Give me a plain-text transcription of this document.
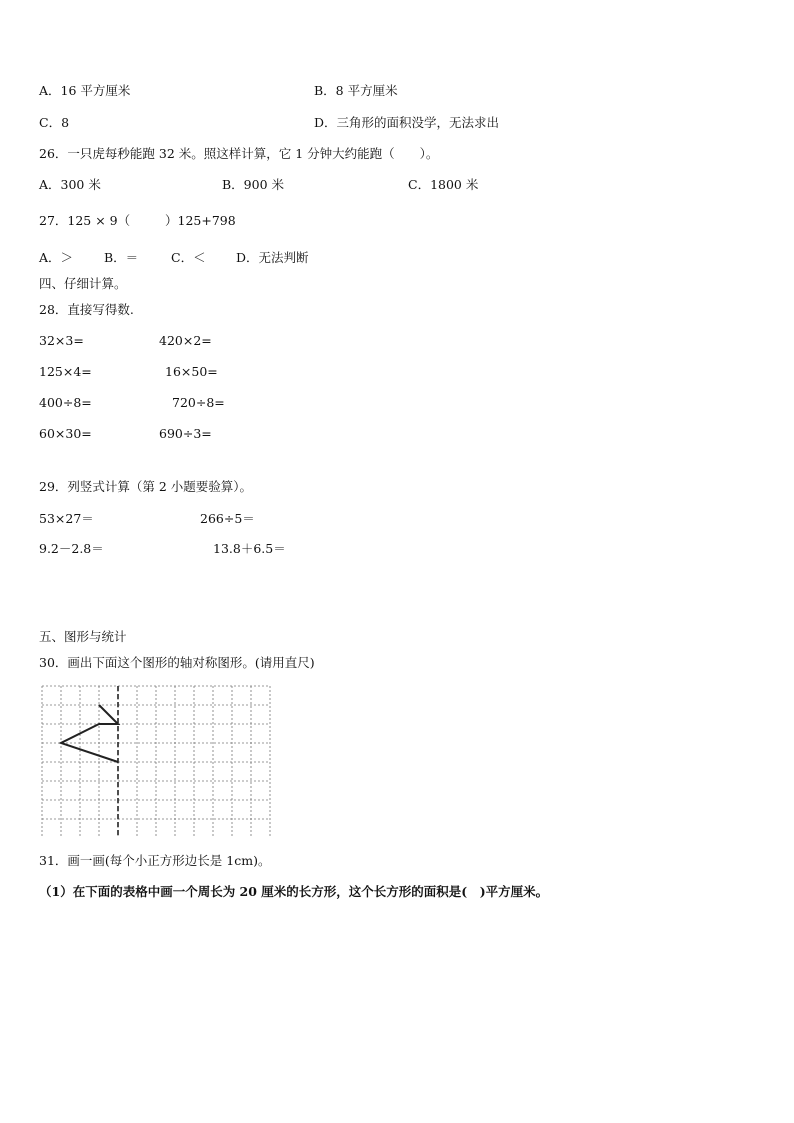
A．16 平方厘米	B．8 平方厘米
C．8	D．三角形的面积没学，无法求出
26．一只虎每秒能跑 32 米。照这样计算，它 1 分钟大约能跑（　　）。
A．300 米	B．900 米	C．1800 米
27．125 × 9（	）125+798
A．＞ B．＝	C．＜ D．无法判断
四、仔细计算。
28．直接写得数.
32×3=	420×2=
125×4=	16×50=
400÷8=	720÷8=
60×30=	690÷3=
29．列竖式计算（第 2 小题要验算）。
53×27＝	266÷5＝
9.2－2.8＝	13.8＋6.5＝
五、图形与统计
30．画出下面这个图形的轴对称图形。(请用直尺)
31．画一画(每个小正方形边长是 1cm)。
（1）在下面的表格中画一个周长为 20 厘米的长方形，这个长方形的面积是(　)平方厘米。
